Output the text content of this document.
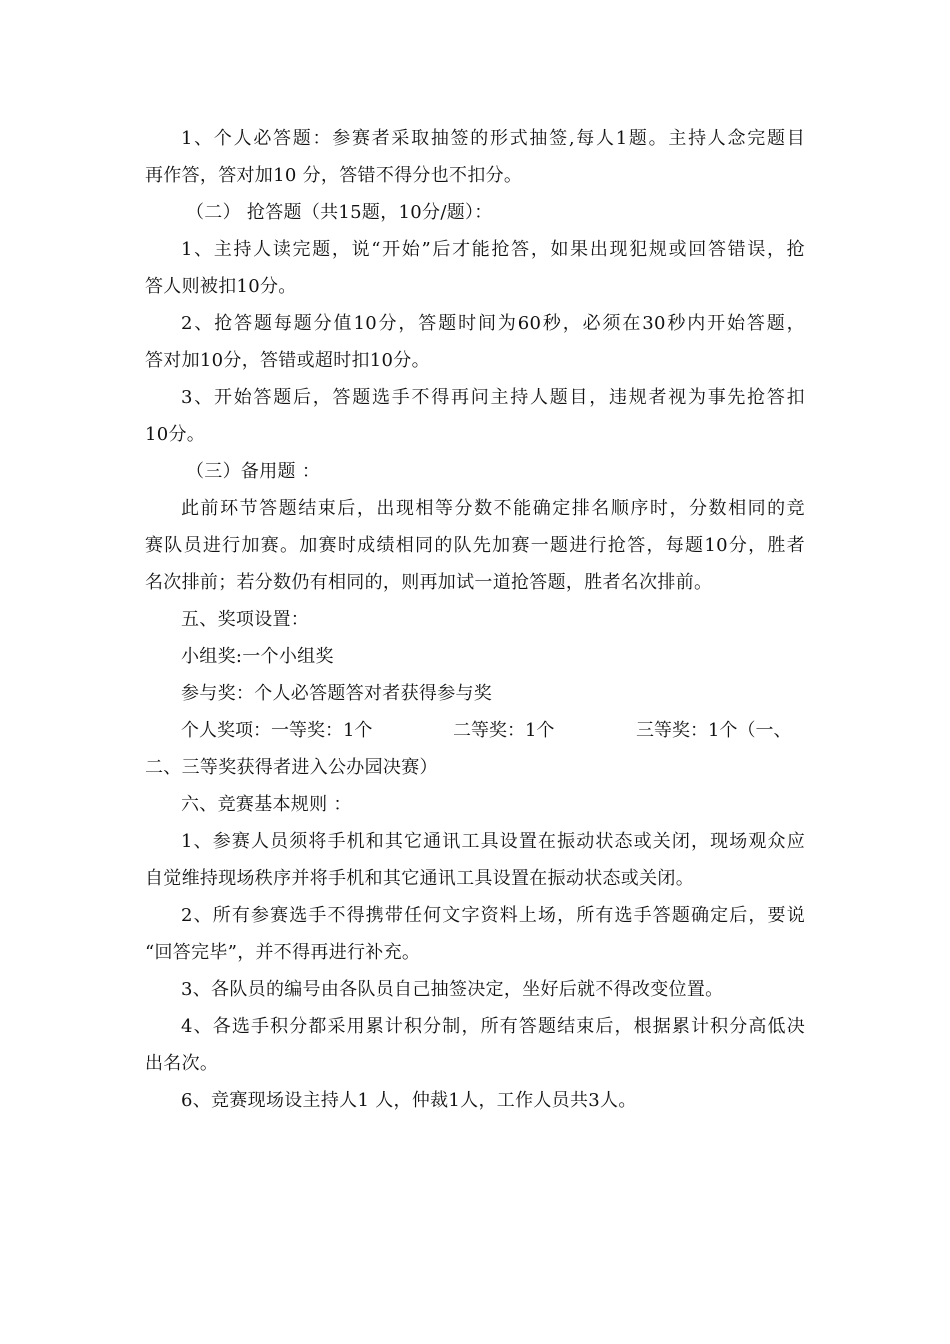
1、个人必答题：参赛者采取抽签的形式抽签,每人1题。主持人念完题目
再作答，答对加10 分，答错不得分也不扣分。
（二） 抢答题（共15题，10分/题）：
1、主持人读完题，说“开始”后才能抢答，如果出现犯规或回答错误，抢
答人则被扣10分。
2、抢答题每题分值10分，答题时间为60秒，必须在30秒内开始答题，
答对加10分，答错或超时扣10分。
3、开始答题后，答题选手不得再问主持人题目，违规者视为事先抢答扣
10分。
（三）备用题 ：
此前环节答题结束后，出现相等分数不能确定排名顺序时，分数相同的竞
赛队员进行加赛。加赛时成绩相同的队先加赛一题进行抢答，每题10分，胜者
名次排前；若分数仍有相同的，则再加试一道抢答题，胜者名次排前。
五、奖项设置：
小组奖:一个小组奖
参与奖：个人必答题答对者获得参与奖
个人奖项：一等奖：1个	二等奖：1个	三等奖：1个（一、
二、三等奖获得者进入公办园决赛）
六、竞赛基本规则 ：
1、参赛人员须将手机和其它通讯工具设置在振动状态或关闭，现场观众应
自觉维持现场秩序并将手机和其它通讯工具设置在振动状态或关闭。
2、所有参赛选手不得携带任何文字资料上场，所有选手答题确定后，要说
“回答完毕”，并不得再进行补充。
3、各队员的编号由各队员自己抽签决定，坐好后就不得改变位置。
4、各选手积分都采用累计积分制，所有答题结束后，根据累计积分高低决
出名次。
6、竞赛现场设主持人1 人，仲裁1人，工作人员共3人。
